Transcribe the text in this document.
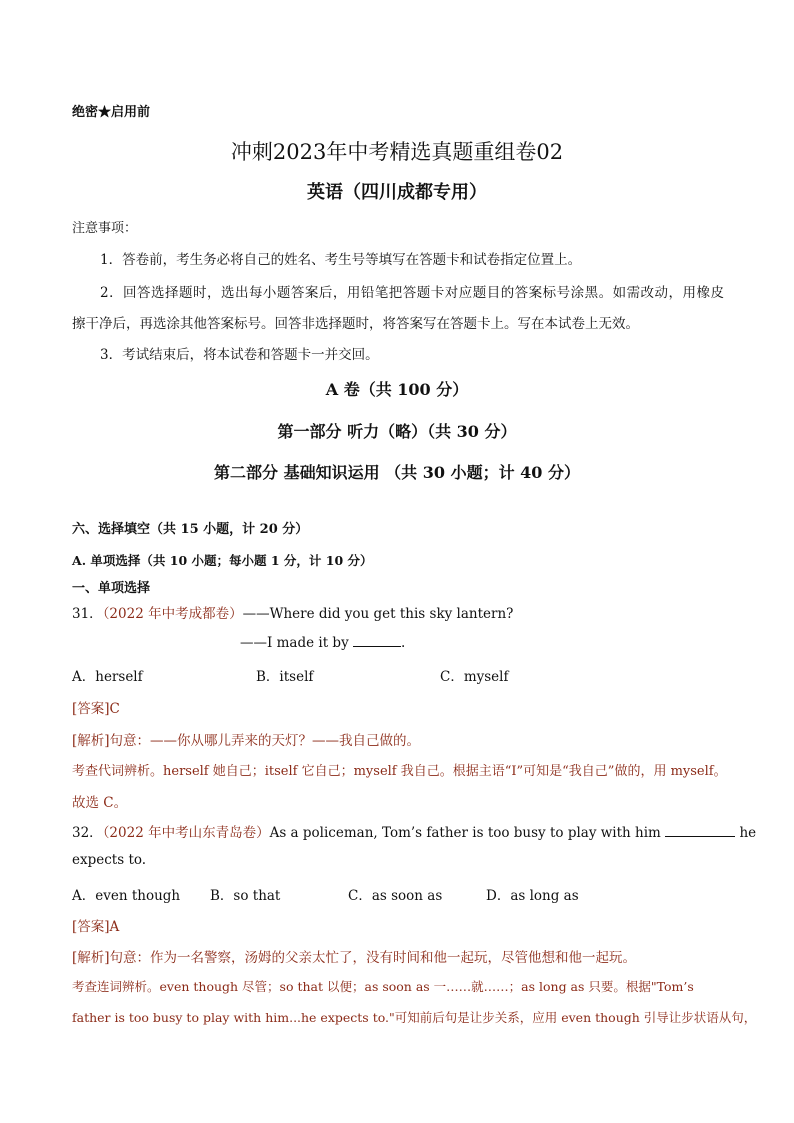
绝密★启用前
冲刺2023年中考精选真题重组卷02
英语（四川成都专用）
注意事项：
1．答卷前，考生务必将自己的姓名、考生号等填写在答题卡和试卷指定位置上。
2．回答选择题时，选出每小题答案后，用铅笔把答题卡对应题目的答案标号涂黑。如需改动，用橡皮
擦干净后，再选涂其他答案标号。回答非选择题时，将答案写在答题卡上。写在本试卷上无效。
3．考试结束后，将本试卷和答题卡一并交回。
A 卷（共 100 分）
第一部分 听力（略）（共 30 分）
第二部分 基础知识运用 （共 30 小题；计 40 分）
六、选择填空（共 15 小题，计 20 分）
A. 单项选择（共 10 小题；每小题 1 分，计 10 分）
一、单项选择
31．（2022 年中考成都卷）——Where did you get this sky lantern?
——I made it by	.
A．herself	B．itself	C．myself
[答案]C
[解析]句意：——你从哪儿弄来的天灯？——我自己做的。
考查代词辨析。herself 她自己；itself 它自己；myself 我自己。根据主语“I”可知是“我自己”做的，用 myself。
故选 C。
32．（2022 年中考山东青岛卷）As a policeman, Tom’s father is too busy to play with him	he
expects to.
A．even though B．so that	C．as soon as	D．as long as
[答案]A
[解析]句意：作为一名警察，汤姆的父亲太忙了，没有时间和他一起玩，尽管他想和他一起玩。
考查连词辨析。even though 尽管；so that 以便；as soon as 一……就……；as long as 只要。根据"Tom’s
father is too busy to play with him...he expects to."可知前后句是让步关系，应用 even though 引导让步状语从句，
